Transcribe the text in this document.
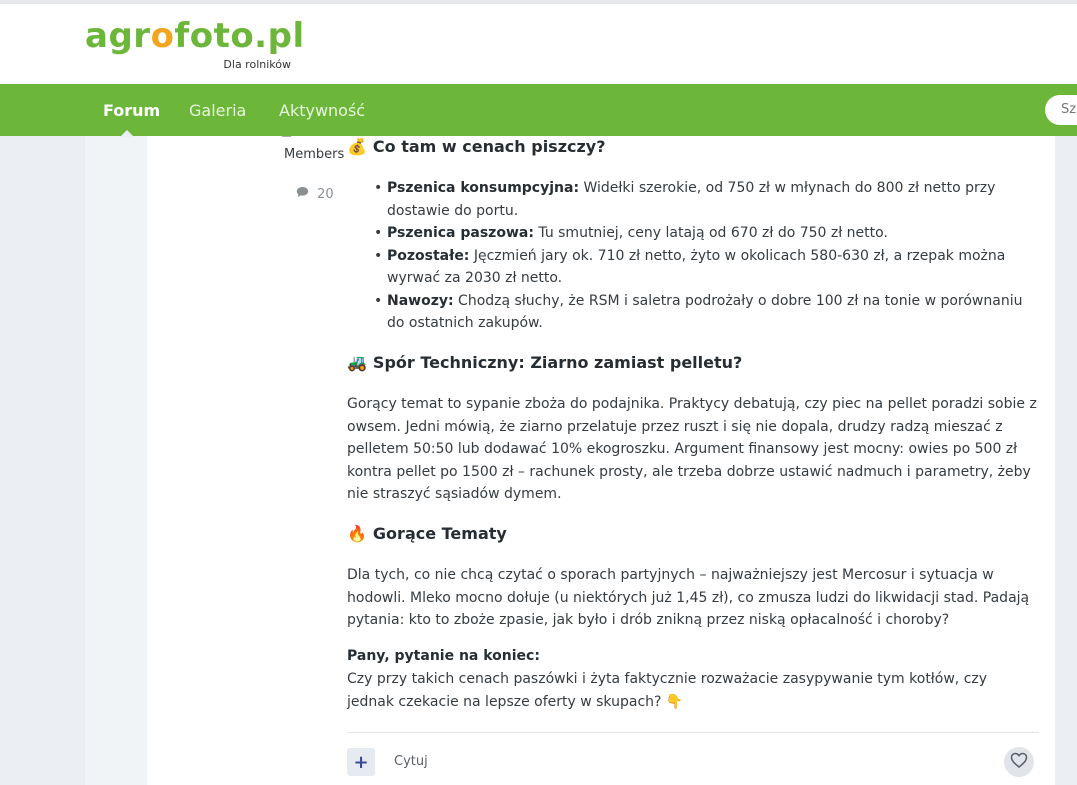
Members
20
💰 Co tam w cenach piszczy?
• Pszenica konsumpcyjna: Widełki szerokie, od 750 zł w młynach do 800 zł netto przy dostawie do portu.
• Pszenica paszowa: Tu smutniej, ceny latają od 670 zł do 750 zł netto.
• Pozostałe: Jęczmień jary ok. 710 zł netto, żyto w okolicach 580-630 zł, a rzepak można wyrwać za 2030 zł netto.
• Nawozy: Chodzą słuchy, że RSM i saletra podrożały o dobre 100 zł na tonie w porównaniu do ostatnich zakupów.
🚜 Spór Techniczny: Ziarno zamiast pelletu?
Gorący temat to sypanie zboża do podajnika. Praktycy debatują, czy piec na pellet poradzi sobie z owsem. Jedni mówią, że ziarno przelatuje przez ruszt i się nie dopala, drudzy radzą mieszać z pelletem 50:50 lub dodawać 10% ekogroszku. Argument finansowy jest mocny: owies po 500 zł kontra pellet po 1500 zł – rachunek prosty, ale trzeba dobrze ustawić nadmuch i parametry, żeby nie straszyć sąsiadów dymem.
🔥 Gorące Tematy
Dla tych, co nie chcą czytać o sporach partyjnych – najważniejszy jest Mercosur i sytuacja w hodowli. Mleko mocno dołuje (u niektórych już 1,45 zł), co zmusza ludzi do likwidacji stad. Padają pytania: kto to zboże zpasie, jak było i drób znikną przez niską opłacalność i choroby?
Pany, pytanie na koniec:
Czy przy takich cenach paszówki i żyta faktycznie rozważacie zasypywanie tym kotłów, czy jednak czekacie na lepsze oferty w skupach? 👇
+	Cytuj
agrofoto.pl
Dla rolników
Forum Galeria Aktywność
Szukaj...
